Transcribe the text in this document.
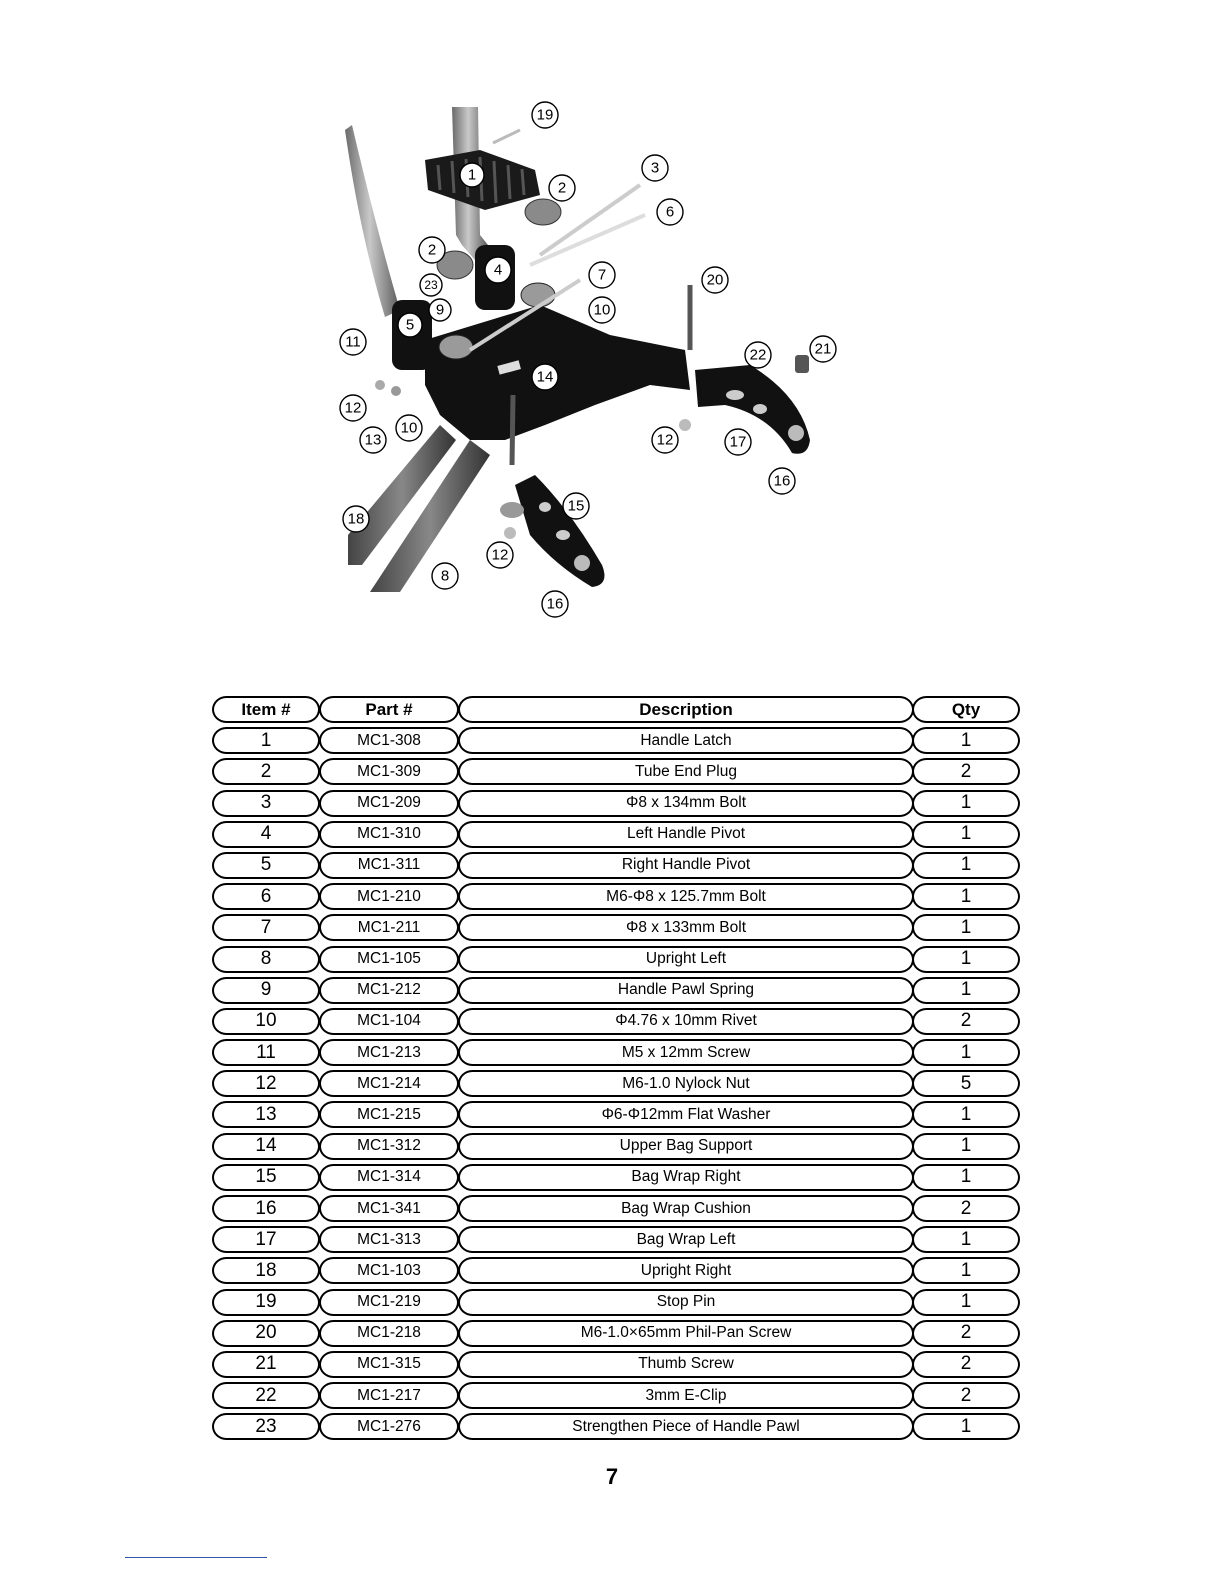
19
1
2
3
6
2
4
23
7	20
9	10
5
11
22	21
14
12
10
13	12	17
16
15
18
12
8
16
Item #	Part #	Description	Qty
1	MC1-308	Handle Latch	1
2	MC1-309	Tube End Plug	2
3	MC1-209	Φ8 x 134mm Bolt	1
4	MC1-310	Left Handle Pivot	1
5	MC1-311	Right Handle Pivot	1
6	MC1-210	M6-Φ8 x 125.7mm Bolt	1
7	MC1-211	Φ8 x 133mm Bolt	1
8	MC1-105	Upright Left	1
9	MC1-212	Handle Pawl Spring	1
10	MC1-104	Φ4.76 x 10mm Rivet	2
11	MC1-213	M5 x 12mm Screw	1
12	MC1-214	M6-1.0 Nylock Nut	5
13	MC1-215	Φ6-Φ12mm Flat Washer	1
14	MC1-312	Upper Bag Support	1
15	MC1-314	Bag Wrap Right	1
16	MC1-341	Bag Wrap Cushion	2
17	MC1-313	Bag Wrap Left	1
18	MC1-103	Upright Right	1
19	MC1-219	Stop Pin	1
20	MC1-218	M6-1.0×65mm Phil-Pan Screw	2
21	MC1-315	Thumb Screw	2
22	MC1-217	3mm E-Clip	2
23	MC1-276	Strengthen Piece of Handle Pawl	1
7
